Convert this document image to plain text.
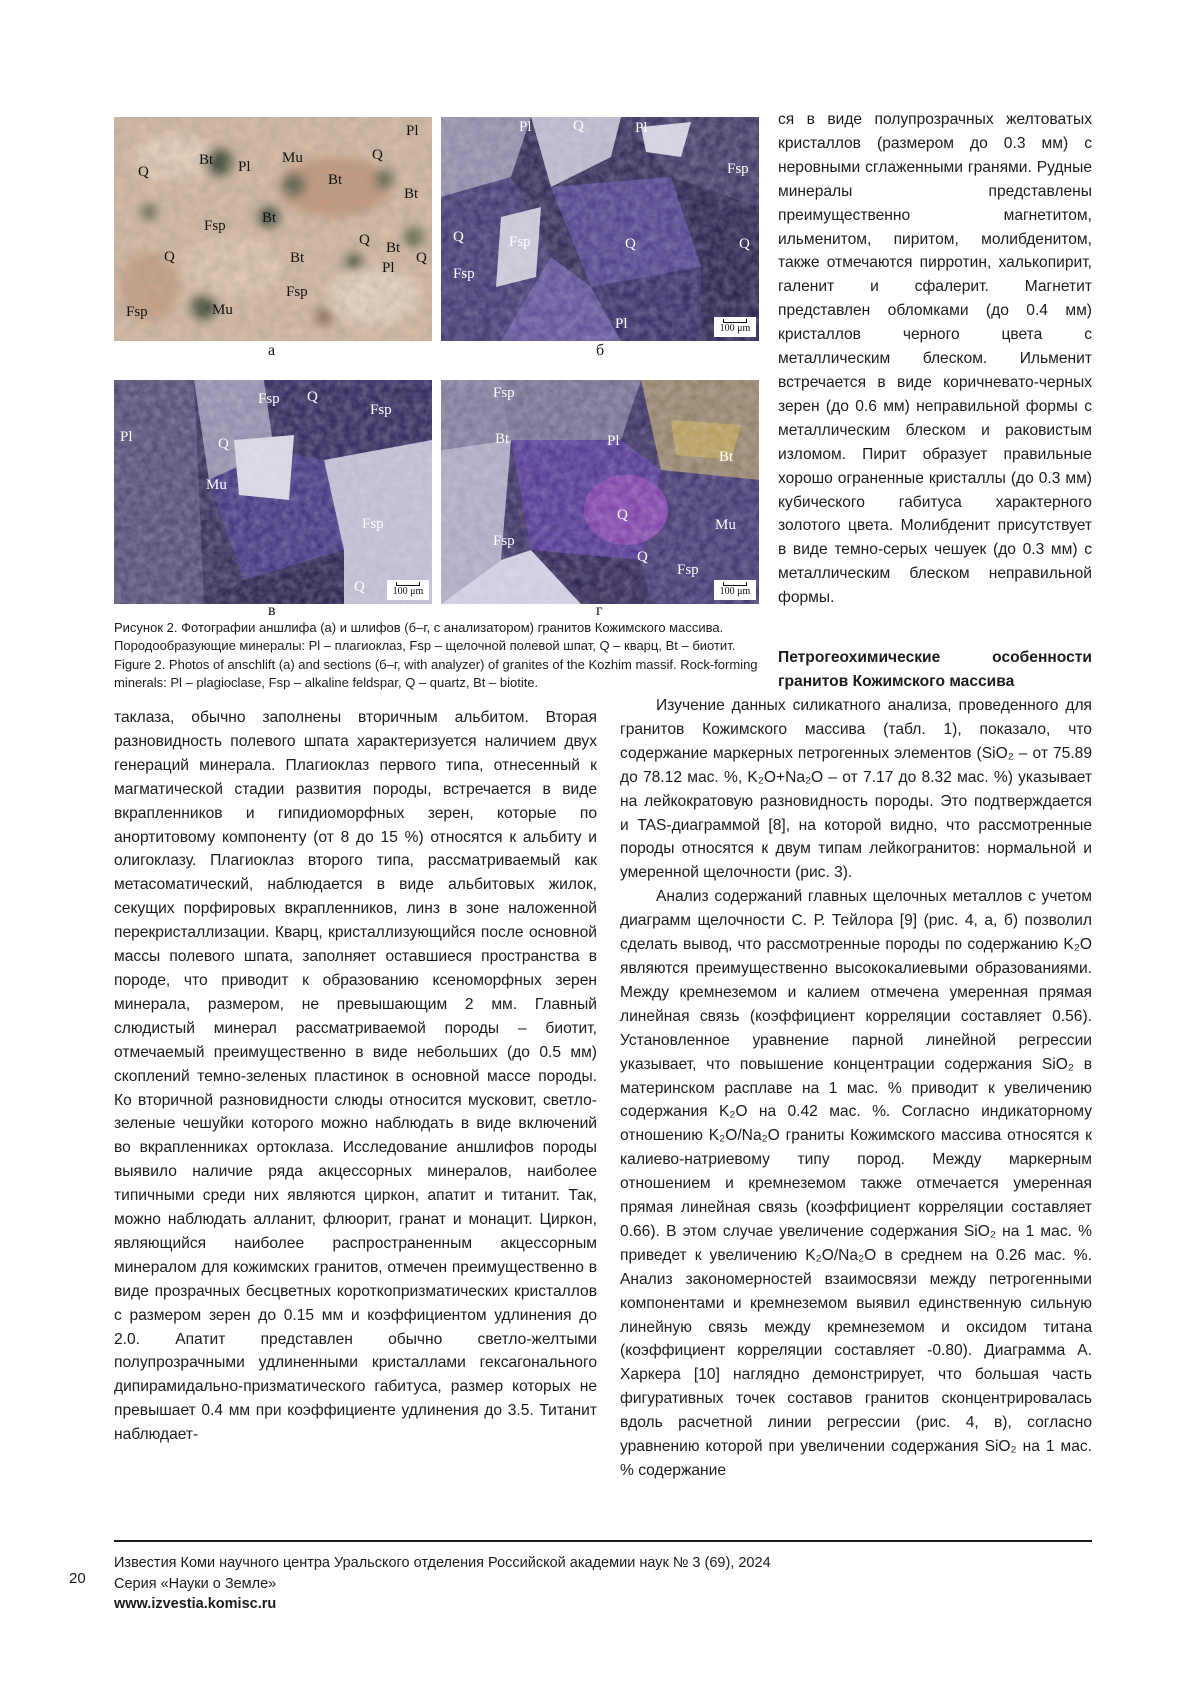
Pl
Q
Bt Pl
Mu	Q
Bt
Bt
Fsp Bt
Q
Q
Bt
Bt
Pl
Q
Fsp
Fsp	Mu
а
Pl	Q	Pl
Fsp
Q	Fsp	Q	Q
Fsp
Pl	100 μm
б
Fsp Q
Fsp
Pl	Q
Mu
Fsp
Q	100 μm
в
Fsp
Bt	Pl
Bt
Fsp
Q
Mu
Q
Fsp
100 μm
г

Рисунок 2. Фотографии аншлифа (а) и шлифов (б–г, с анализатором) гранитов Кожимского массива. Породообразующие минералы: Pl – плагиоклаз, Fsp – щелочной полевой шпат, Q – кварц, Bt – биотит.

Figure 2. Photos of anschlift (a) and sections (б–г, with analyzer) of granites of the Kozhim massif. Rock-forming minerals: Pl – plagioclase, Fsp – alkaline feldspar, Q – quartz, Bt – biotite.

таклаза, обычно заполнены вторичным альбитом. Вторая разновидность полевого шпата характеризуется наличием двух генераций минерала. Плагиоклаз первого типа, отнесенный к магматической стадии развития породы, встречается в виде вкрапленников и гипидиоморфных зерен, которые по анортитовому компоненту (от 8 до 15 %) относятся к альбиту и олигоклазу. Плагиоклаз второго типа, рассматриваемый как метасоматический, наблюдается в виде альбитовых жилок, секущих порфировых вкрапленников, линз в зоне наложенной перекристаллизации. Кварц, кристаллизующийся после основной массы полевого шпата, заполняет оставшиеся пространства в породе, что приводит к образованию ксеноморфных зерен минерала, размером, не превышающим 2 мм. Главный слюдистый минерал рассматриваемой породы – биотит, отмечаемый преимущественно в виде небольших (до 0.5 мм) скоплений темно-зеленых пластинок в основной массе породы. Ко вторичной разновидности слюды относится мусковит, светло-зеленые чешуйки которого можно наблюдать в виде включений во вкрапленниках ортоклаза. Исследование аншлифов породы выявило наличие ряда акцессорных минералов, наиболее типичными среди них являются циркон, апатит и титанит. Так, можно наблюдать алланит, флюорит, гранат и монацит. Циркон, являющийся наиболее распространенным акцессорным минералом для кожимских гранитов, отмечен преимущественно в виде прозрачных бесцветных короткопризматических кристаллов с размером зерен до 0.15 мм и коэффициентом удлинения до 2.0. Апатит представлен обычно светло-желтыми полупрозрачными удлиненными кристаллами гексагонального дипирамидально-призматического габитуса, размер которых не превышает 0.4 мм при коэффициенте удлинения до 3.5. Титанит наблюдает-

ся в виде полупрозрачных желтоватых кристаллов (размером до 0.3 мм) с неровными сглаженными гранями. Рудные минералы представлены преимущественно магнетитом, ильменитом, пиритом, молибденитом, также отмечаются пирротин, халькопирит, галенит и сфалерит. Магнетит представлен обломками (до 0.4 мм) кристаллов черного цвета с металлическим блеском. Ильменит встречается в виде коричневато-черных зерен (до 0.6 мм) неправильной формы с металлическим блеском и раковистым изломом. Пирит образует правильные хорошо ограненные кристаллы (до 0.3 мм) кубического габитуса характерного золотого цвета. Молибденит присутствует в виде темно-серых чешуек (до 0.3 мм) с металлическим блеском неправильной формы.

Петрогеохимические особенности гранитов Кожимского массива

Изучение данных силикатного анализа, проведенного для гранитов Кожимского массива (табл. 1), показало, что содержание маркерных петрогенных элементов (SiO₂ – от 75.89 до 78.12 мас. %, K₂O+Na₂O – от 7.17 до 8.32 мас. %) указывает на лейкократовую разновидность породы. Это подтверждается и TAS-диаграммой [8], на которой видно, что рассмотренные породы относятся к двум типам лейкогранитов: нормальной и умеренной щелочности (рис. 3).

Анализ содержаний главных щелочных металлов с учетом диаграмм щелочности С. Р. Тейлора [9] (рис. 4, а, б) позволил сделать вывод, что рассмотренные породы по содержанию K₂O являются преимущественно высококалиевыми образованиями. Между кремнеземом и калием отмечена умеренная прямая линейная связь (коэффициент корреляции составляет 0.56). Установленное уравнение парной линейной регрессии указывает, что повышение концентрации содержания SiO₂ в материнском расплаве на 1 мас. % приводит к увеличению содержания K₂O на 0.42 мас. %. Согласно индикаторному отношению K₂O/Na₂O граниты Кожимского массива относятся к калиево-натриевому типу пород. Между маркерным отношением и кремнеземом также отмечается умеренная прямая линейная связь (коэффициент корреляции составляет 0.66). В этом случае увеличение содержания SiO₂ на 1 мас. % приведет к увеличению K₂O/Na₂O в среднем на 0.26 мас. %. Анализ закономерностей взаимосвязи между петрогенными компонентами и кремнеземом выявил единственную сильную линейную связь между кремнеземом и оксидом титана (коэффициент корреляции составляет -0.80). Диаграмма А. Харкера [10] наглядно демонстрирует, что большая часть фигуративных точек составов гранитов сконцентрировалась вдоль расчетной линии регрессии (рис. 4, в), согласно уравнению которой при увеличении содержания SiO₂ на 1 мас. % содержание

20
Известия Коми научного центра Уральского отделения Российской академии наук № 3 (69), 2024
Серия «Науки о Земле»
www.izvestia.komisc.ru
